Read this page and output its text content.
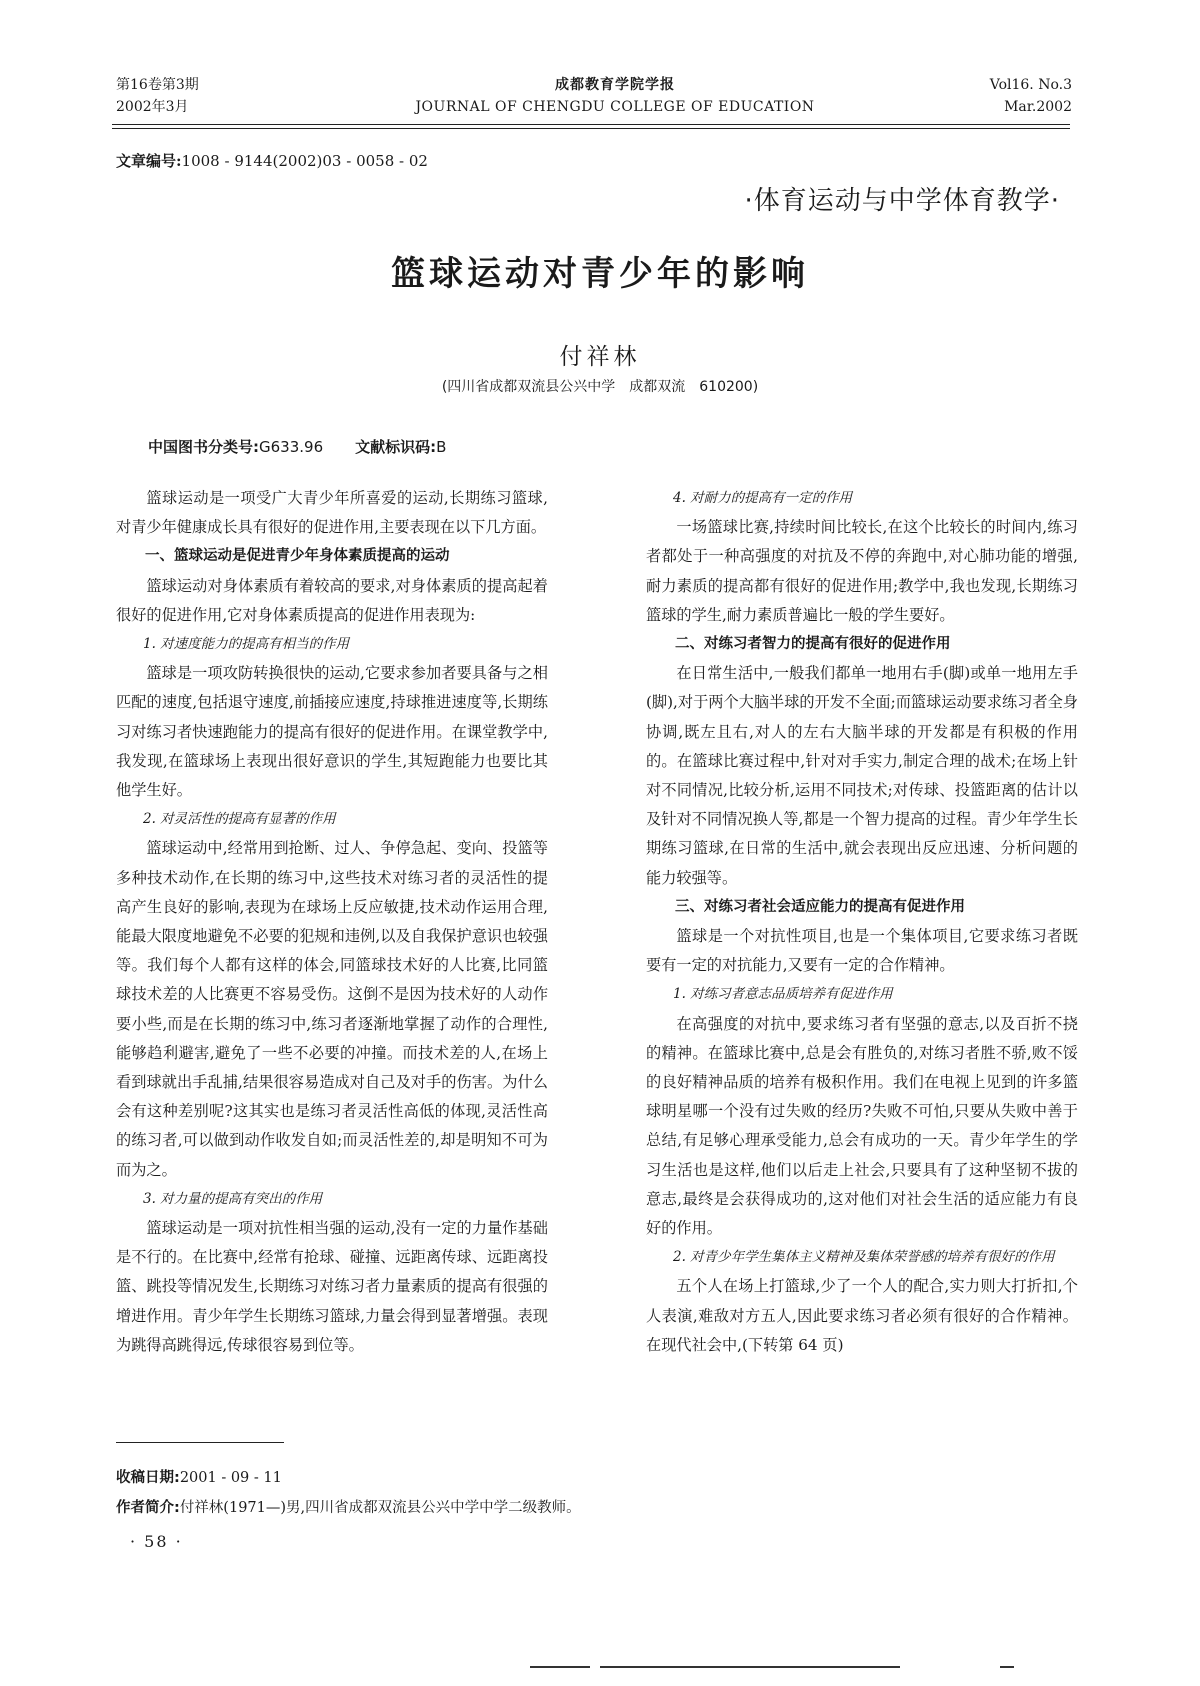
第16卷第3期
2002年3月
成都教育学院学报
JOURNAL OF CHENGDU COLLEGE OF EDUCATION
Vol16. No.3
Mar.2002
文章编号:1008 - 9144(2002)03 - 0058 - 02
·体育运动与中学体育教学·
篮球运动对青少年的影响
付祥林
(四川省成都双流县公兴中学　成都双流　610200)
中国图书分类号:G633.96 文献标识码:B

篮球运动是一项受广大青少年所喜爱的运动,长期练习篮球,对青少年健康成长具有很好的促进作用,主要表现在以下几方面。

一、篮球运动是促进青少年身体素质提高的运动

篮球运动对身体素质有着较高的要求,对身体素质的提高起着很好的促进作用,它对身体素质提高的促进作用表现为:

1. 对速度能力的提高有相当的作用

篮球是一项攻防转换很快的运动,它要求参加者要具备与之相匹配的速度,包括退守速度,前插接应速度,持球推进速度等,长期练习对练习者快速跑能力的提高有很好的促进作用。在课堂教学中,我发现,在篮球场上表现出很好意识的学生,其短跑能力也要比其他学生好。

2. 对灵活性的提高有显著的作用

篮球运动中,经常用到抢断、过人、争停急起、变向、投篮等多种技术动作,在长期的练习中,这些技术对练习者的灵活性的提高产生良好的影响,表现为在球场上反应敏捷,技术动作运用合理,能最大限度地避免不必要的犯规和违例,以及自我保护意识也较强等。我们每个人都有这样的体会,同篮球技术好的人比赛,比同篮球技术差的人比赛更不容易受伤。这倒不是因为技术好的人动作要小些,而是在长期的练习中,练习者逐渐地掌握了动作的合理性,能够趋利避害,避免了一些不必要的冲撞。而技术差的人,在场上看到球就出手乱捕,结果很容易造成对自己及对手的伤害。为什么会有这种差别呢?这其实也是练习者灵活性高低的体现,灵活性高的练习者,可以做到动作收发自如;而灵活性差的,却是明知不可为而为之。

3. 对力量的提高有突出的作用

篮球运动是一项对抗性相当强的运动,没有一定的力量作基础是不行的。在比赛中,经常有抢球、碰撞、远距离传球、远距离投篮、跳投等情况发生,长期练习对练习者力量素质的提高有很强的增进作用。青少年学生长期练习篮球,力量会得到显著增强。表现为跳得高跳得远,传球很容易到位等。

4. 对耐力的提高有一定的作用

一场篮球比赛,持续时间比较长,在这个比较长的时间内,练习者都处于一种高强度的对抗及不停的奔跑中,对心肺功能的增强,耐力素质的提高都有很好的促进作用;教学中,我也发现,长期练习篮球的学生,耐力素质普遍比一般的学生要好。

二、对练习者智力的提高有很好的促进作用

在日常生活中,一般我们都单一地用右手(脚)或单一地用左手(脚),对于两个大脑半球的开发不全面;而篮球运动要求练习者全身协调,既左且右,对人的左右大脑半球的开发都是有积极的作用的。在篮球比赛过程中,针对对手实力,制定合理的战术;在场上针对不同情况,比较分析,运用不同技术;对传球、投篮距离的估计以及针对不同情况换人等,都是一个智力提高的过程。青少年学生长期练习篮球,在日常的生活中,就会表现出反应迅速、分析问题的能力较强等。

三、对练习者社会适应能力的提高有促进作用

篮球是一个对抗性项目,也是一个集体项目,它要求练习者既要有一定的对抗能力,又要有一定的合作精神。

1. 对练习者意志品质培养有促进作用

在高强度的对抗中,要求练习者有坚强的意志,以及百折不挠的精神。在篮球比赛中,总是会有胜负的,对练习者胜不骄,败不馁的良好精神品质的培养有极积作用。我们在电视上见到的许多篮球明星哪一个没有过失败的经历?失败不可怕,只要从失败中善于总结,有足够心理承受能力,总会有成功的一天。青少年学生的学习生活也是这样,他们以后走上社会,只要具有了这种坚韧不拔的意志,最终是会获得成功的,这对他们对社会生活的适应能力有良好的作用。

2. 对青少年学生集体主义精神及集体荣誉感的培养有很好的作用

五个人在场上打篮球,少了一个人的配合,实力则大打折扣,个人表演,难敌对方五人,因此要求练习者必须有很好的合作精神。在现代社会中,(下转第 64 页)

收稿日期:2001 - 09 - 11
作者简介:付祥林(1971—)男,四川省成都双流县公兴中学中学二级教师。
· 58 ·
